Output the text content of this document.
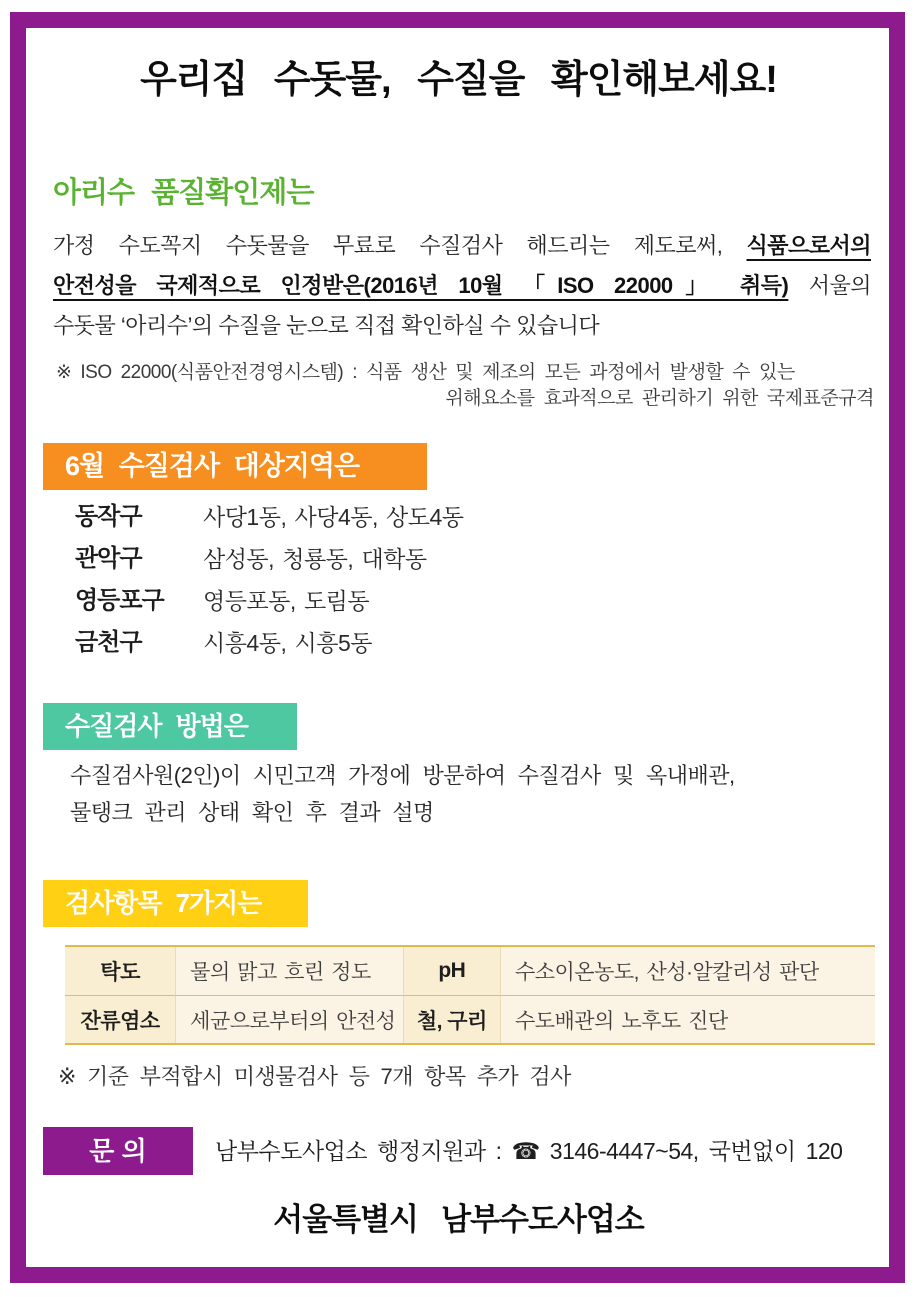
우리집 수돗물, 수질을 확인해보세요!
아리수 품질확인제는
가정 수도꼭지 수돗물을 무료로 수질검사 해드리는 제도로써, 식품으로서의
안전성을 국제적으로 인정받은(2016년 10월 「ISO 22000」 취득) 서울의
수돗물 ‘아리수’의 수질을 눈으로 직접 확인하실 수 있습니다
※ ISO 22000(식품안전경영시스템) : 식품 생산 및 제조의 모든 과정에서 발생할 수 있는
위해요소를 효과적으로 관리하기 위한 국제표준규격
6월 수질검사 대상지역은
동작구	사당1동, 사당4동, 상도4동
관악구	삼성동, 청룡동, 대학동
영등포구	영등포동, 도림동
금천구	시흥4동, 시흥5동
수질검사 방법은
수질검사원(2인)이 시민고객 가정에 방문하여 수질검사 및 옥내배관,
물탱크 관리 상태 확인 후 결과 설명
검사항목 7가지는
탁도	물의 맑고 흐린 정도	pH	수소이온농도, 산성·알칼리성 판단
잔류염소	세균으로부터의 안전성	철, 구리	수도배관의 노후도 진단
※ 기준 부적합시 미생물검사 등 7개 항목 추가 검사
문 의	남부수도사업소 행정지원과 : ☎ 3146-4447~54, 국번없이 120
서울특별시 남부수도사업소
